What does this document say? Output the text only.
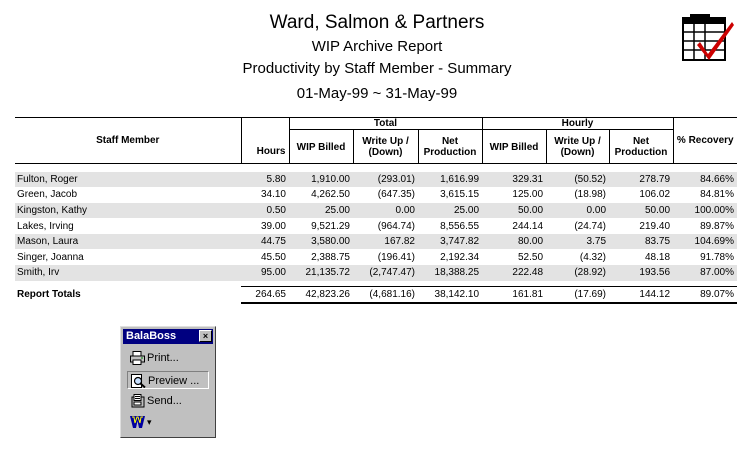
Ward, Salmon & Partners
WIP Archive Report
Productivity by Staff Member - Summary
01-May-99 ~ 31-May-99
Staff Member	Hours	Total			Hourly			% Recovery
		WIP Billed	Write Up / (Down)	Net Production	WIP Billed	Write Up / (Down)	Net Production	

Fulton, Roger	5.80	1,910.00	(293.01)	1,616.99	329.31	(50.52)	278.79	84.66%
Green, Jacob	34.10	4,262.50	(647.35)	3,615.15	125.00	(18.98)	106.02	84.81%
Kingston, Kathy	0.50	25.00	0.00	25.00	50.00	0.00	50.00	100.00%
Lakes, Irving	39.00	9,521.29	(964.74)	8,556.55	244.14	(24.74)	219.40	89.87%
Mason, Laura	44.75	3,580.00	167.82	3,747.82	80.00	3.75	83.75	104.69%
Singer, Joanna	45.50	2,388.75	(196.41)	2,192.34	52.50	(4.32)	48.18	91.78%
Smith, Irv	95.00	21,135.72	(2,747.47)	18,388.25	222.48	(28.92)	193.56	87.00%

Report Totals	264.65	42,823.26	(4,681.16)	38,142.10	161.81	(17.69)	144.12	89.07%
BalaBoss	×
Print...
Preview ...
Send...
▾
